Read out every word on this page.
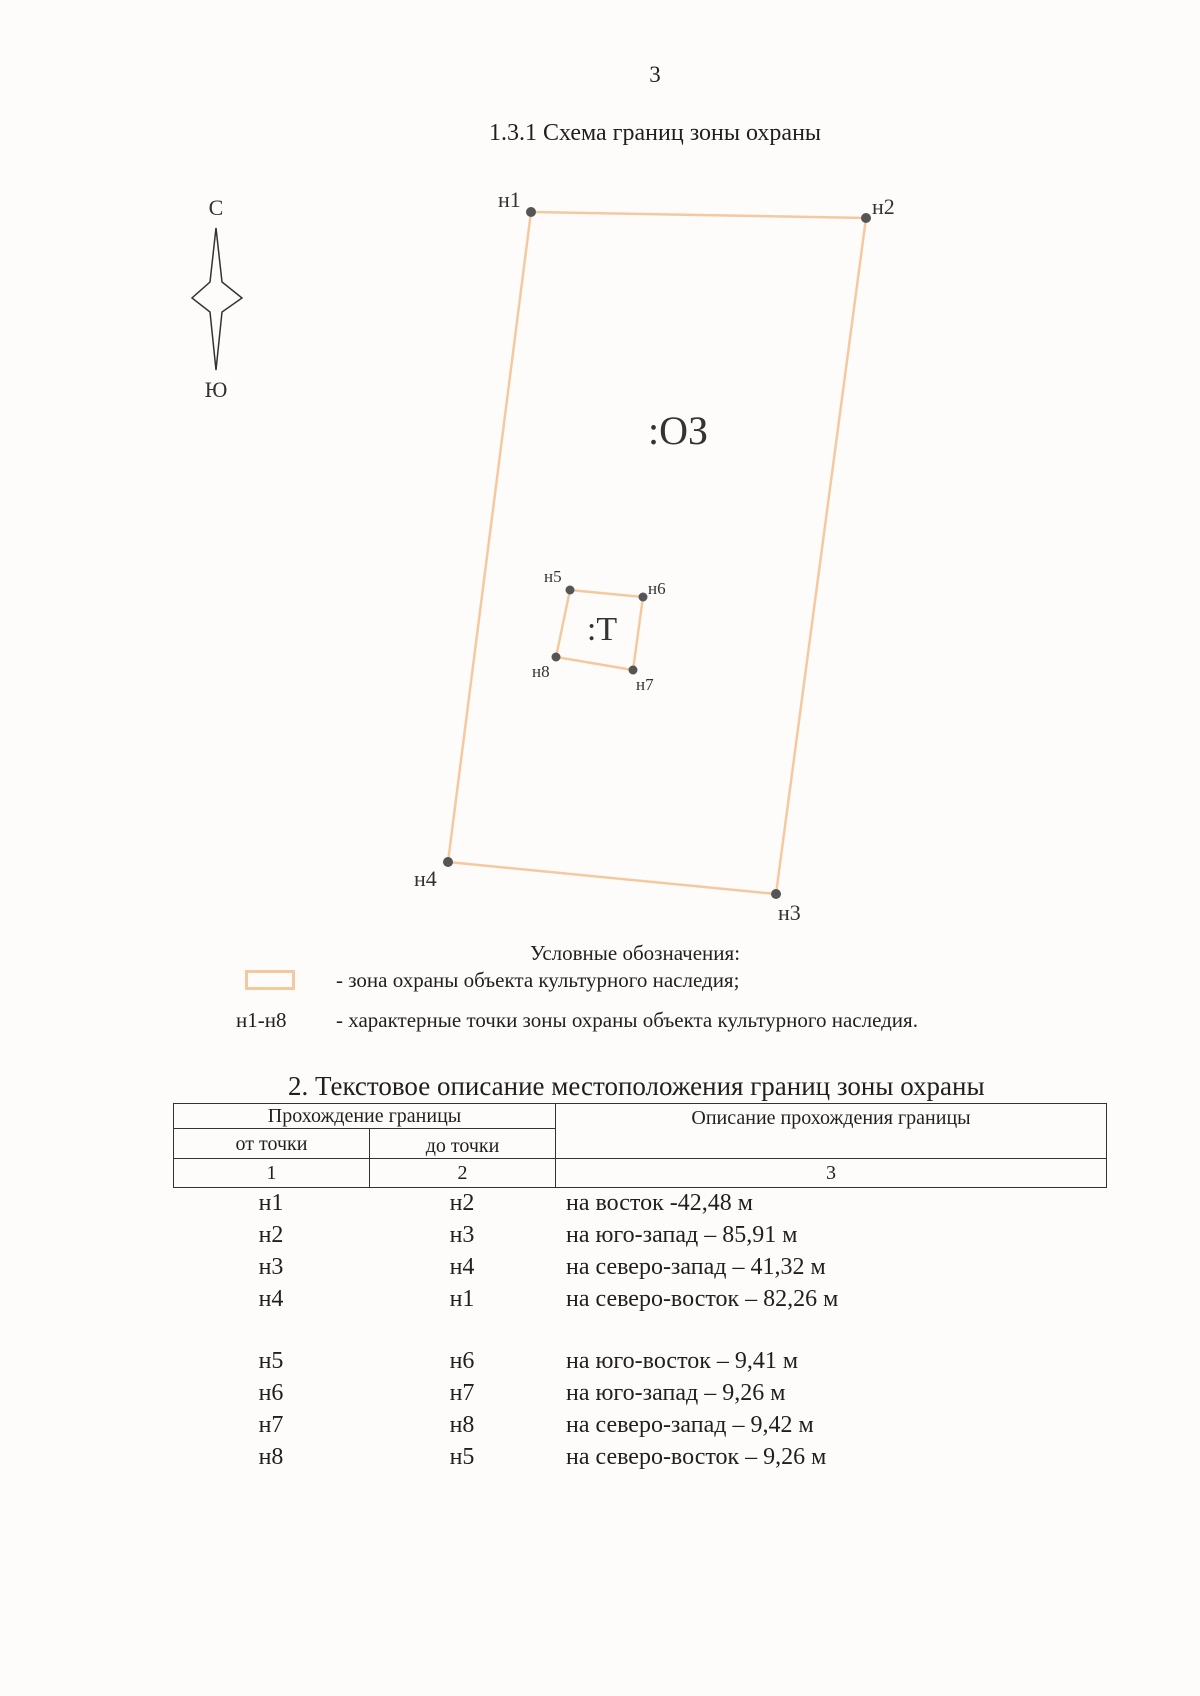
3
1.3.1 Схема границ зоны охраны
С
Ю
:ОЗ
:Т
н1	н2
н3
н4
н5
н6
н7
н8
Условные обозначения:
- зона охраны объекта культурного наследия;
н1-н8 - характерные точки зоны охраны объекта культурного наследия.
2. Текстовое описание местоположения границ зоны охраны
Прохождение границы		Описание прохождения границы
от точки	до точки	
1	2	3
н1	н2	на восток -42,48 м
н2	н3	на юго-запад – 85,91 м
н3	н4	на северо-запад – 41,32 м
н4	н1	на северо-восток – 82,26 м
н5	н6	на юго-восток – 9,41 м
н6	н7	на юго-запад – 9,26 м
н7	н8	на северо-запад – 9,42 м
н8	н5	на северо-восток – 9,26 м
